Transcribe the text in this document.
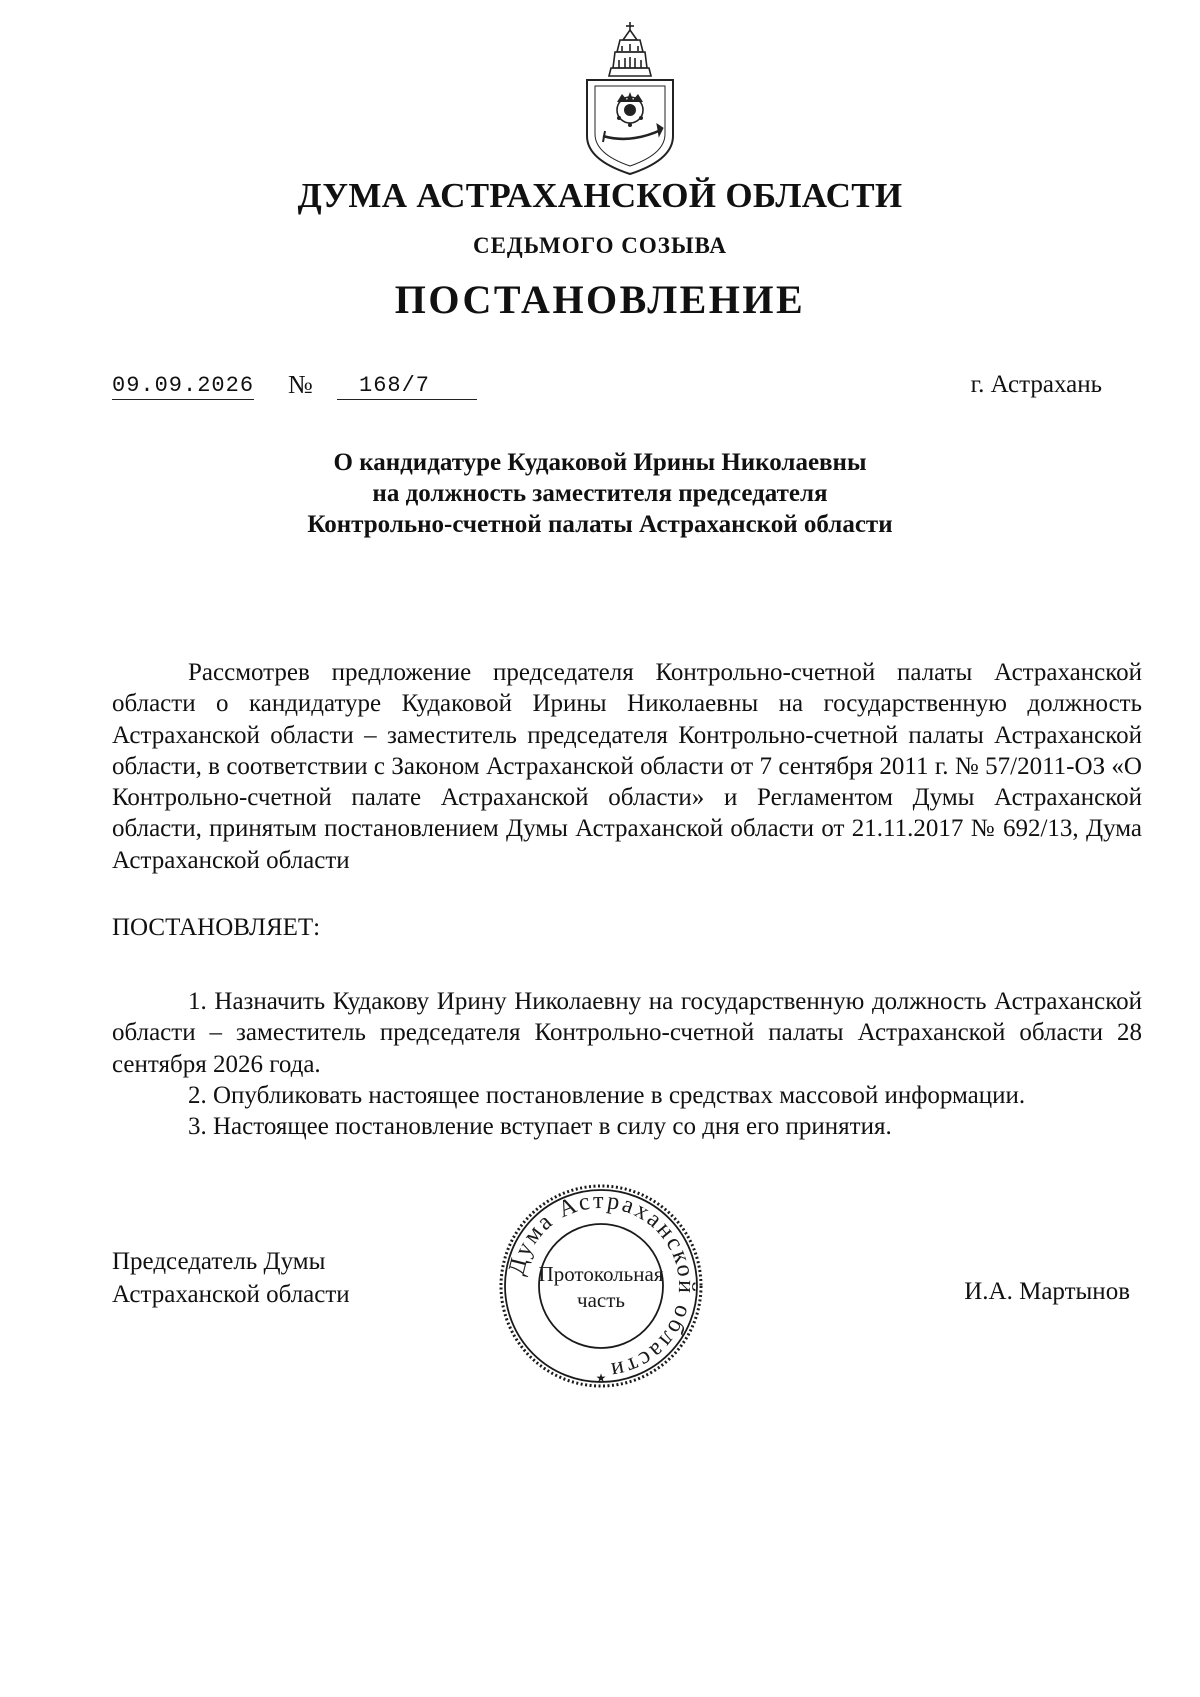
ДУМА АСТРАХАНСКОЙ ОБЛАСТИ
СЕДЬМОГО СОЗЫВА
ПОСТАНОВЛЕНИЕ
09.09.2026 №	168/7	г. Астрахань
О кандидатуре Кудаковой Ирины Николаевны
на должность заместителя председателя
Контрольно-счетной палаты Астраханской области
Рассмотрев предложение председателя Контрольно-счетной палаты Астраханской области о кандидатуре Кудаковой Ирины Николаевны на государственную должность Астраханской области – заместитель председателя Контрольно-счетной палаты Астраханской области, в соответствии с Законом Астраханской области от 7 сентября 2011 г. № 57/2011-ОЗ «О Контрольно-счетной палате Астраханской области» и Регламентом Думы Астраханской области, принятым постановлением Думы Астраханской области от 21.11.2017 № 692/13, Дума Астраханской области
ПОСТАНОВЛЯЕТ:

1. Назначить Кудакову Ирину Николаевну на государственную должность Астраханской области – заместитель председателя Контрольно-счетной палаты Астраханской области 28 сентября 2026 года.

2. Опубликовать настоящее постановление в средствах массовой информации.

3. Настоящее постановление вступает в силу со дня его принятия.

Председатель Думы
Астраханской области
Дума Астраханской области
Протокольная
часть
★
И.А. Мартынов
